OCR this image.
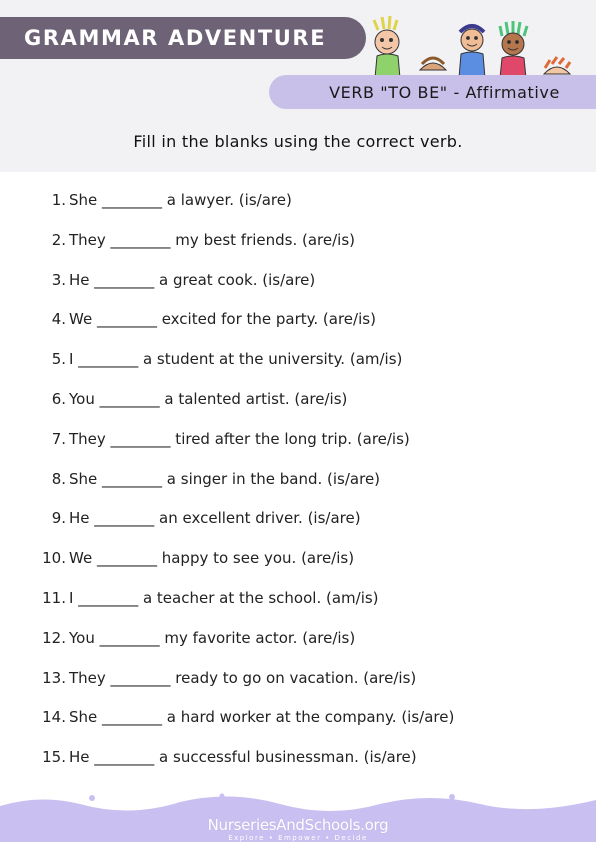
GRAMMAR ADVENTURE
VERB "TO BE" - Affirmative
Fill in the blanks using the correct verb.
1. She ________ a lawyer. (is/are)
2. They ________ my best friends. (are/is)
3. He ________ a great cook. (is/are)
4. We ________ excited for the party. (are/is)
5. I ________ a student at the university. (am/is)
6. You ________ a talented artist. (are/is)
7. They ________ tired after the long trip. (are/is)
8. She ________ a singer in the band. (is/are)
9. He ________ an excellent driver. (is/are)
10. We ________ happy to see you. (are/is)
11. I ________ a teacher at the school. (am/is)
12. You ________ my favorite actor. (are/is)
13. They ________ ready to go on vacation. (are/is)
14. She ________ a hard worker at the company. (is/are)
15. He ________ a successful businessman. (is/are)
NurseriesAndSchools.org
Explore • Empower • Decide
